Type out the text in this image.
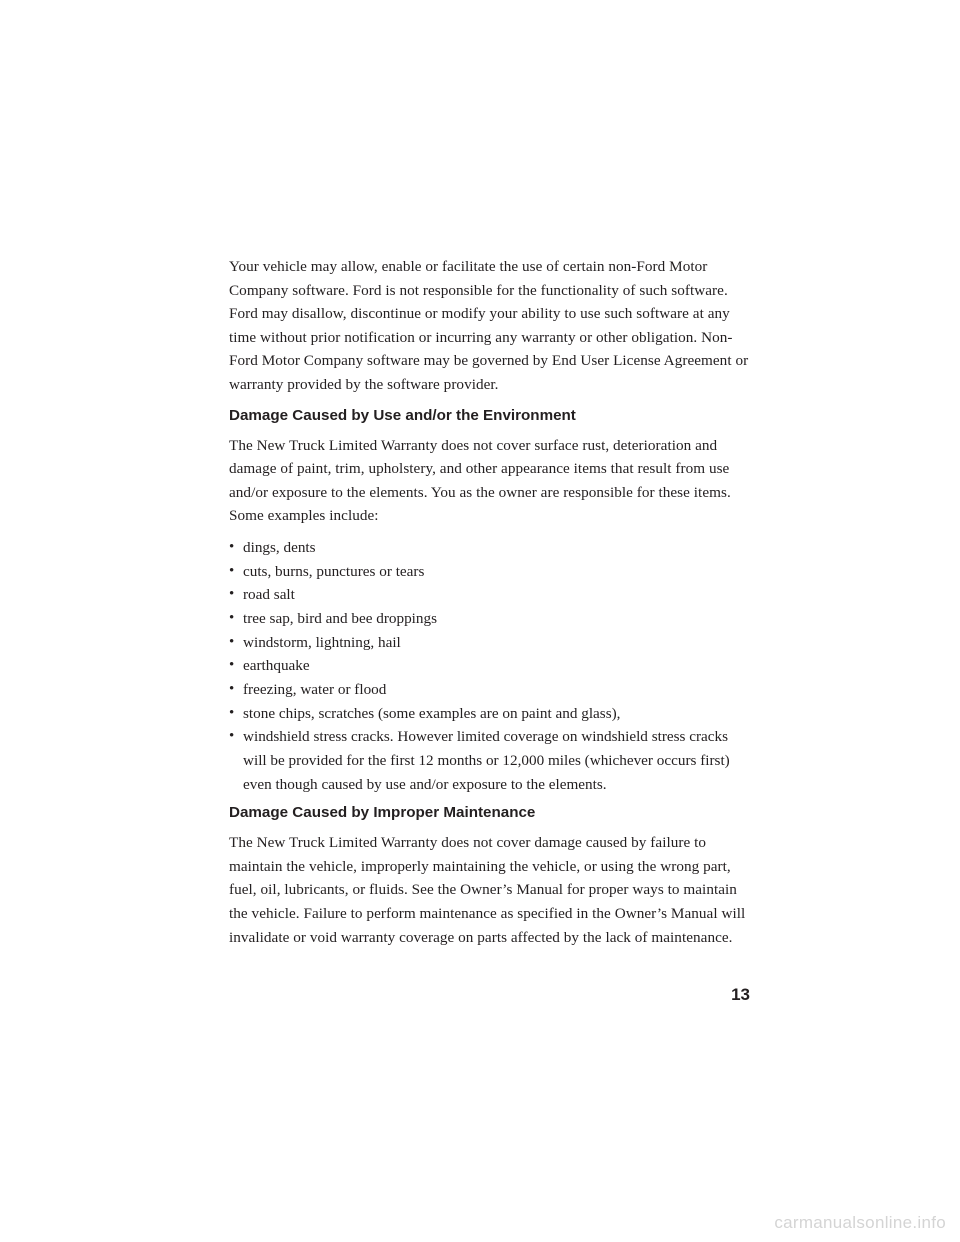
Your vehicle may allow, enable or facilitate the use of certain non-Ford Motor Company software. Ford is not responsible for the functionality of such software. Ford may disallow, discontinue or modify your ability to use such software at any time without prior notification or incurring any warranty or other obligation. Non-Ford Motor Company software may be governed by End User License Agreement or warranty provided by the software provider.

Damage Caused by Use and/or the Environment

The New Truck Limited Warranty does not cover surface rust, deterioration and damage of paint, trim, upholstery, and other appearance items that result from use and/or exposure to the elements. You as the owner are responsible for these items. Some examples include:

• dings, dents
• cuts, burns, punctures or tears
• road salt
• tree sap, bird and bee droppings
• windstorm, lightning, hail
• earthquake
• freezing, water or flood
• stone chips, scratches (some examples are on paint and glass),
• windshield stress cracks. However limited coverage on windshield stress cracks will be provided for the first 12 months or 12,000 miles (whichever occurs first) even though caused by use and/or exposure to the elements.
Damage Caused by Improper Maintenance

The New Truck Limited Warranty does not cover damage caused by failure to maintain the vehicle, improperly maintaining the vehicle, or using the wrong part, fuel, oil, lubricants, or fluids. See the Owner’s Manual for proper ways to maintain the vehicle. Failure to perform maintenance as specified in the Owner’s Manual will invalidate or void warranty coverage on parts affected by the lack of maintenance.

13
carmanualsonline.info
